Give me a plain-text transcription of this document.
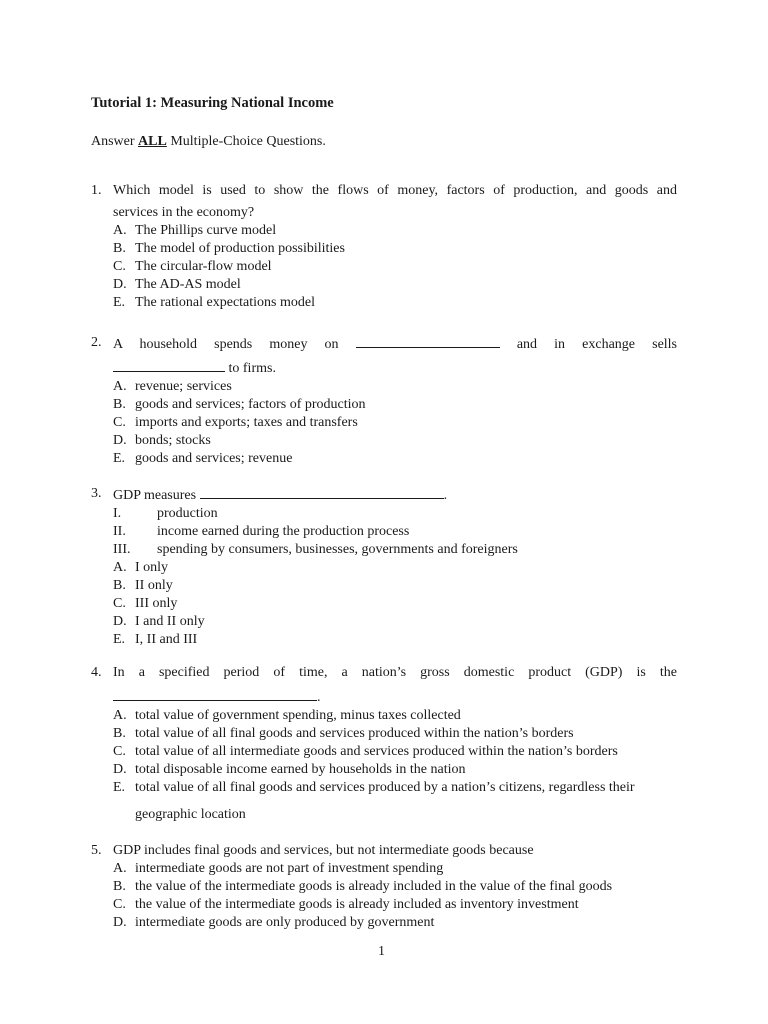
Tutorial 1: Measuring National Income
Answer ALL Multiple-Choice Questions.
1. Which model is used to show the flows of money, factors of production, and goods and
services in the economy?
A. The Phillips curve model
B. The model of production possibilities
C. The circular-flow model
D. The AD-AS model
E. The rational expectations model
2. A household spends money on	and in exchange sells
to firms.
A. revenue; services
B. goods and services; factors of production
C. imports and exports; taxes and transfers
D. bonds; stocks
E. goods and services; revenue
3. GDP measures	.
I.	production
II. income earned during the production process
III. spending by consumers, businesses, governments and foreigners
A. I only
B. II only
C. III only
D. I and II only
E. I, II and III
4. In a specified period of time, a nation’s gross domestic product (GDP) is the
.
A. total value of government spending, minus taxes collected
B. total value of all final goods and services produced within the nation’s borders
C. total value of all intermediate goods and services produced within the nation’s borders
D. total disposable income earned by households in the nation
E. total value of all final goods and services produced by a nation’s citizens, regardless their
geographic location
5. GDP includes final goods and services, but not intermediate goods because
A. intermediate goods are not part of investment spending
B. the value of the intermediate goods is already included in the value of the final goods
C. the value of the intermediate goods is already included as inventory investment
D. intermediate goods are only produced by government
1
